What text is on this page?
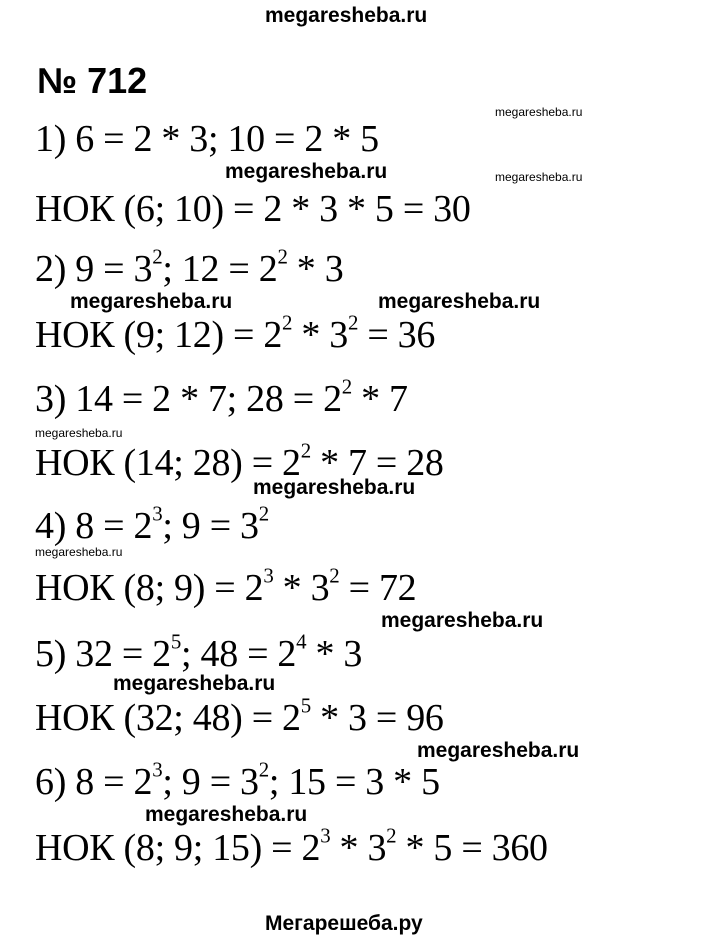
megaresheba.ru
№ 712
1) 6 = 2 * 3; 10 = 2 * 5
НОК (6; 10) = 2 * 3 * 5 = 30
2) $9 = 3^2$; $12 = 2^2 * 3$
НОК (9; $12) = 2^2 * 3^2 = 36$
3) 14 = 2 * 7; $28 = 2^2 * 7$
НОК (14; $28) = 2^2 * 7 = 28$
4) $8 = 2^3$; $9 = 3^2$
НОК (8; $9) = 2^3 * 3^2 = 72$
5) $32 = 2^5$; $48 = 2^4 * 3$
НОК (32; $48) = 2^5 * 3 = 96$
6) $8 = 2^3$; $9 = 3^2$; 15 = 3 * 5
НОК (8; 9; $15) = 2^3 * 3^2 * 5 = 360$
megaresheba.ru
megaresheba.ru	megaresheba.ru
megaresheba.ru	megaresheba.ru
megaresheba.ru
megaresheba.ru
megaresheba.ru
megaresheba.ru
megaresheba.ru
megaresheba.ru
megaresheba.ru
Мегарешеба.ру
